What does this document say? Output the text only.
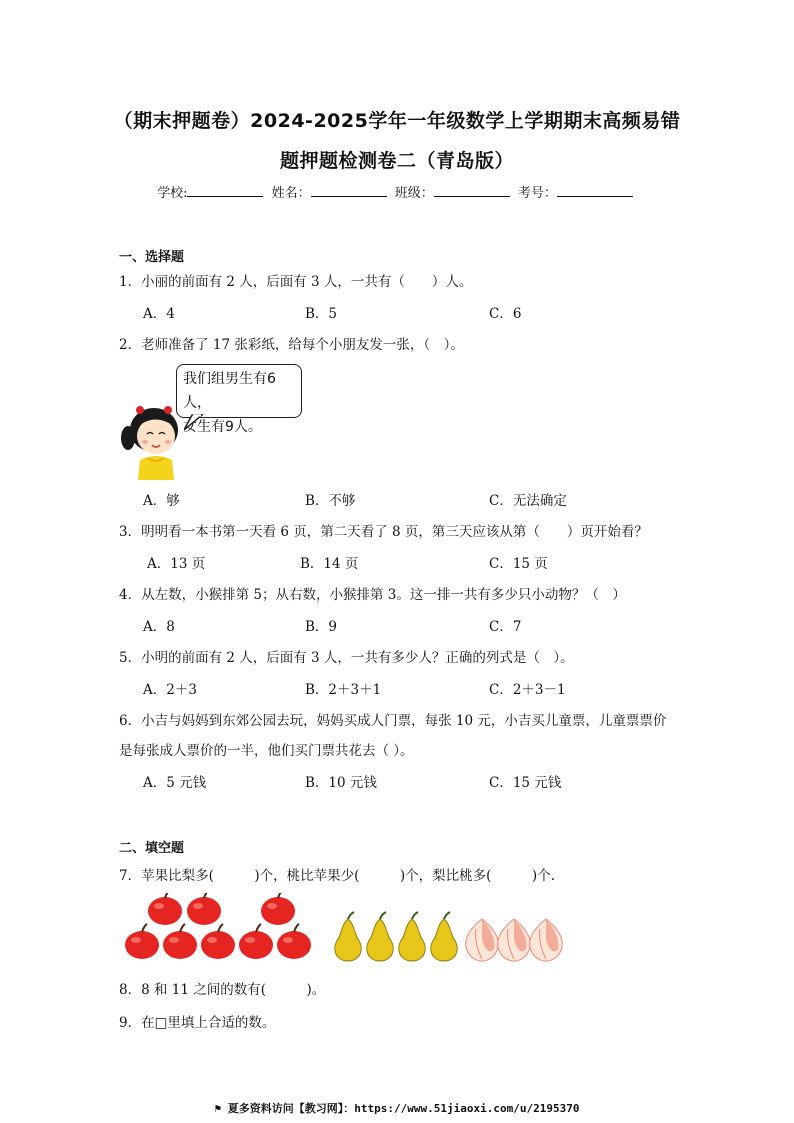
（期末押题卷）2024-2025学年一年级数学上学期期末高频易错
题押题检测卷二（青岛版）
学校:	姓名：	班级：	考号：
一、选择题
1．小丽的前面有 2 人，后面有 3 人，一共有（　　）人。
A．4	B．5	C．6
2．老师准备了 17 张彩纸，给每个小朋友发一张，（　）。
我们组男生有6人，
女生有9人。
A．够	B．不够	C．无法确定
3．明明看一本书第一天看 6 页，第二天看了 8 页，第三天应该从第（　　）页开始看？
A．13 页	B．14 页	C．15 页
4．从左数，小猴排第 5；从右数，小猴排第 3。这一排一共有多少只小动物？（　）
A．8	B．9	C．7
5．小明的前面有 2 人，后面有 3 人，一共有多少人？正确的列式是（　）。
A．2＋3	B．2＋3＋1	C．2＋3－1
6．小吉与妈妈到东郊公园去玩，妈妈买成人门票，每张 10 元，小吉买儿童票，儿童票票价
是每张成人票价的一半，他们买门票共花去（ ）。
A．5 元钱	B．10 元钱	C．15 元钱
二、填空题
7．苹果比梨多(　　　)个，桃比苹果少(　　　)个，梨比桃多(　　　)个.
8．8 和 11 之间的数有(　　　)。
9．在□里填上合适的数。
⚑ 夏多资料访问【教习网】：https://www.51jiaoxi.com/u/2195370
